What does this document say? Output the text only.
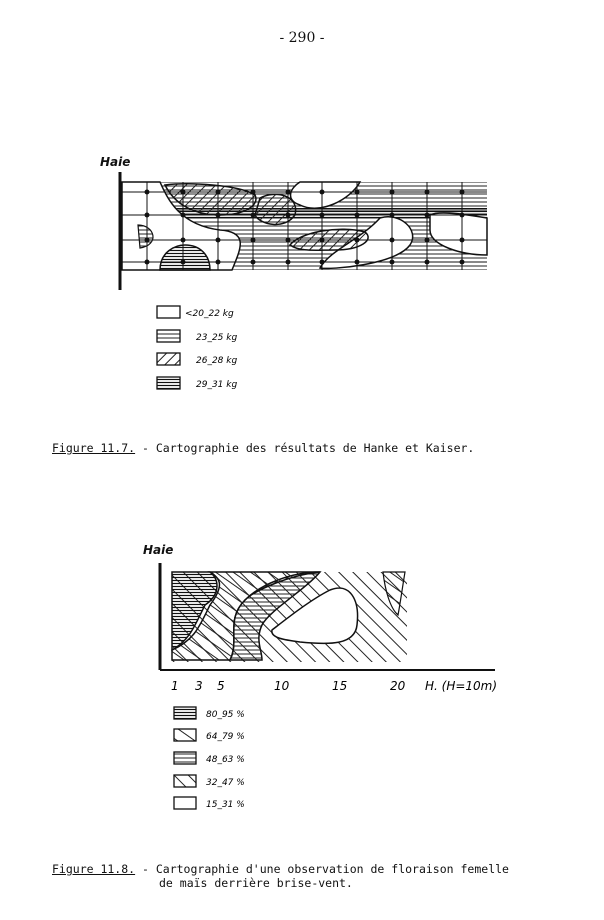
- 290 -
Haie
<20_22 kg
23_25 kg
26_28 kg
29_31 kg
1 3 5	10	15	20 H. (H=10m)
80_95 %
64_79 %
48_63 %
32_47 %
15_31 %
Figure 11.7. - Cartographie des résultats de Hanke et Kaiser.
Haie
Figure 11.8. - Cartographie d'une observation de floraison femelle
de maïs derrière brise-vent.
